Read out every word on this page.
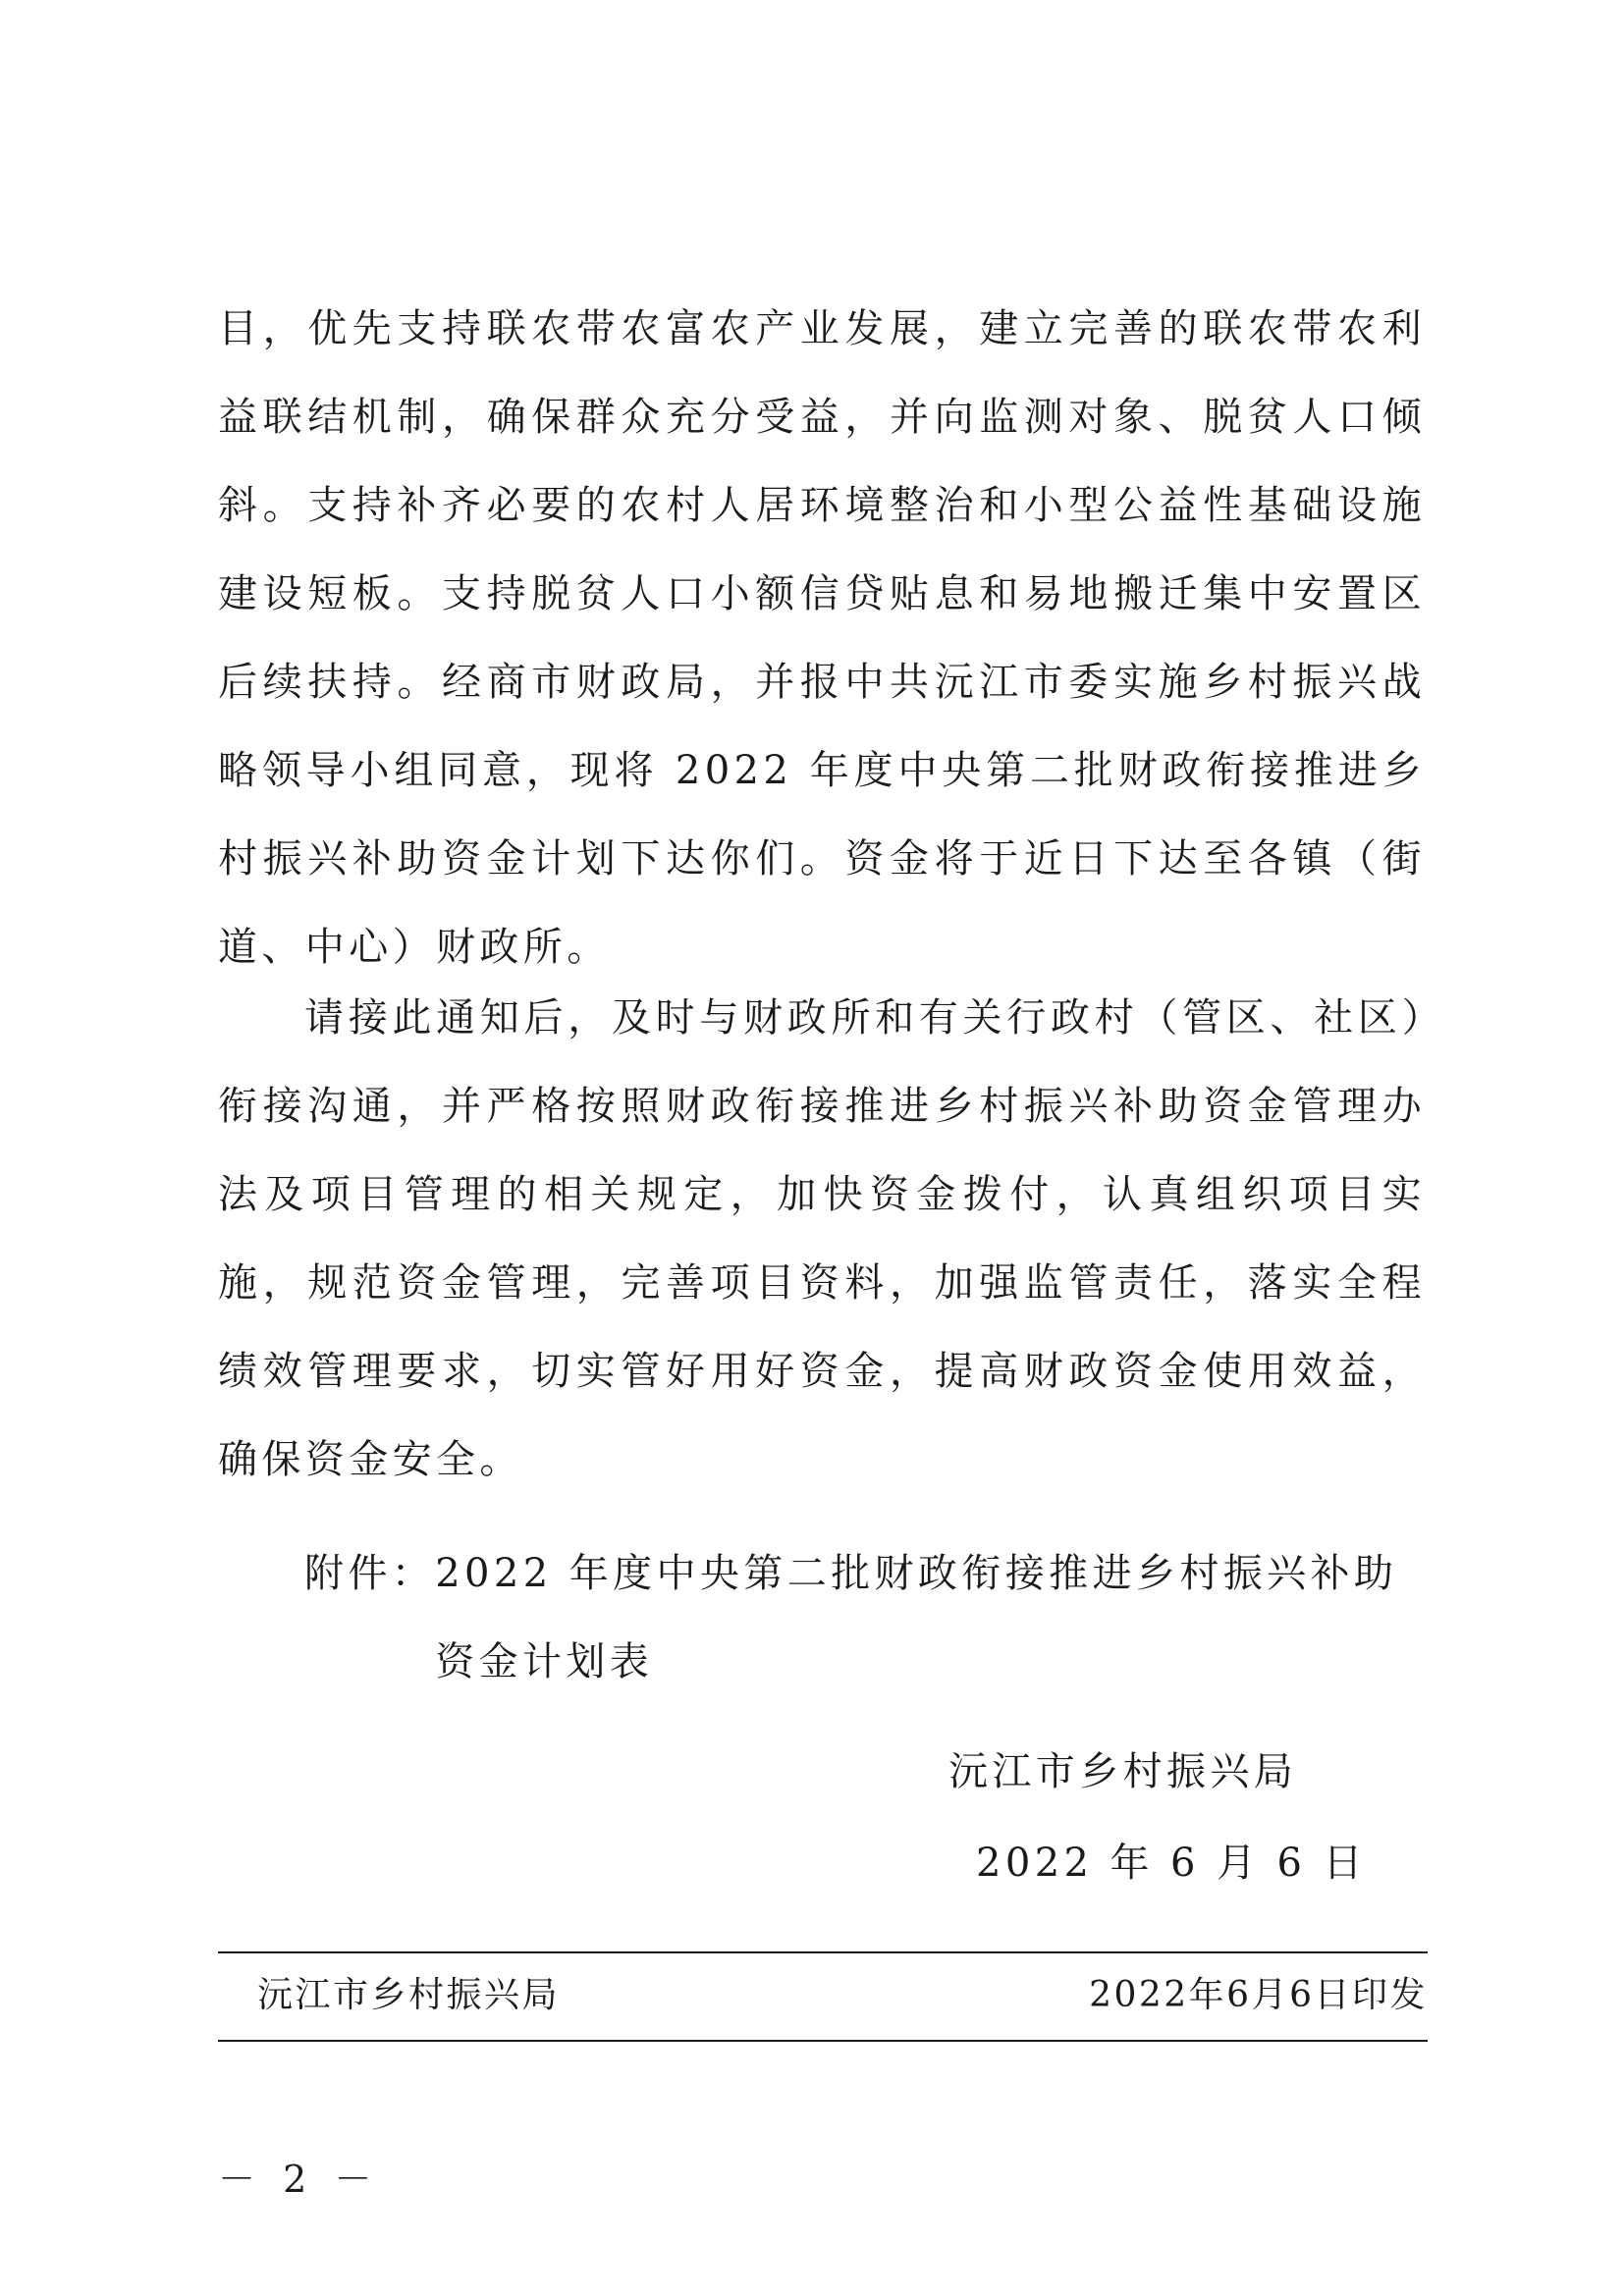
目，优先支持联农带农富农产业发展，建立完善的联农带农利益联结机制，确保群众充分受益，并向监测对象、脱贫人口倾斜。支持补齐必要的农村人居环境整治和小型公益性基础设施建设短板。支持脱贫人口小额信贷贴息和易地搬迁集中安置区后续扶持。经商市财政局，并报中共沅江市委实施乡村振兴战略领导小组同意，现将 2022 年度中央第二批财政衔接推进乡村振兴补助资金计划下达你们。资金将于近日下达至各镇（街道、中心）财政所。

请接此通知后，及时与财政所和有关行政村（管区、社区）衔接沟通，并严格按照财政衔接推进乡村振兴补助资金管理办法及项目管理的相关规定，加快资金拨付，认真组织项目实施，规范资金管理，完善项目资料，加强监管责任，落实全程绩效管理要求，切实管好用好资金，提高财政资金使用效益，确保资金安全。

附件： 2022 年度中央第二批财政衔接推进乡村振兴补助资金计划表
沅江市乡村振兴局
2022 年 6 月 6 日
沅江市乡村振兴局	2022年6月6日印发
－ 2 －
